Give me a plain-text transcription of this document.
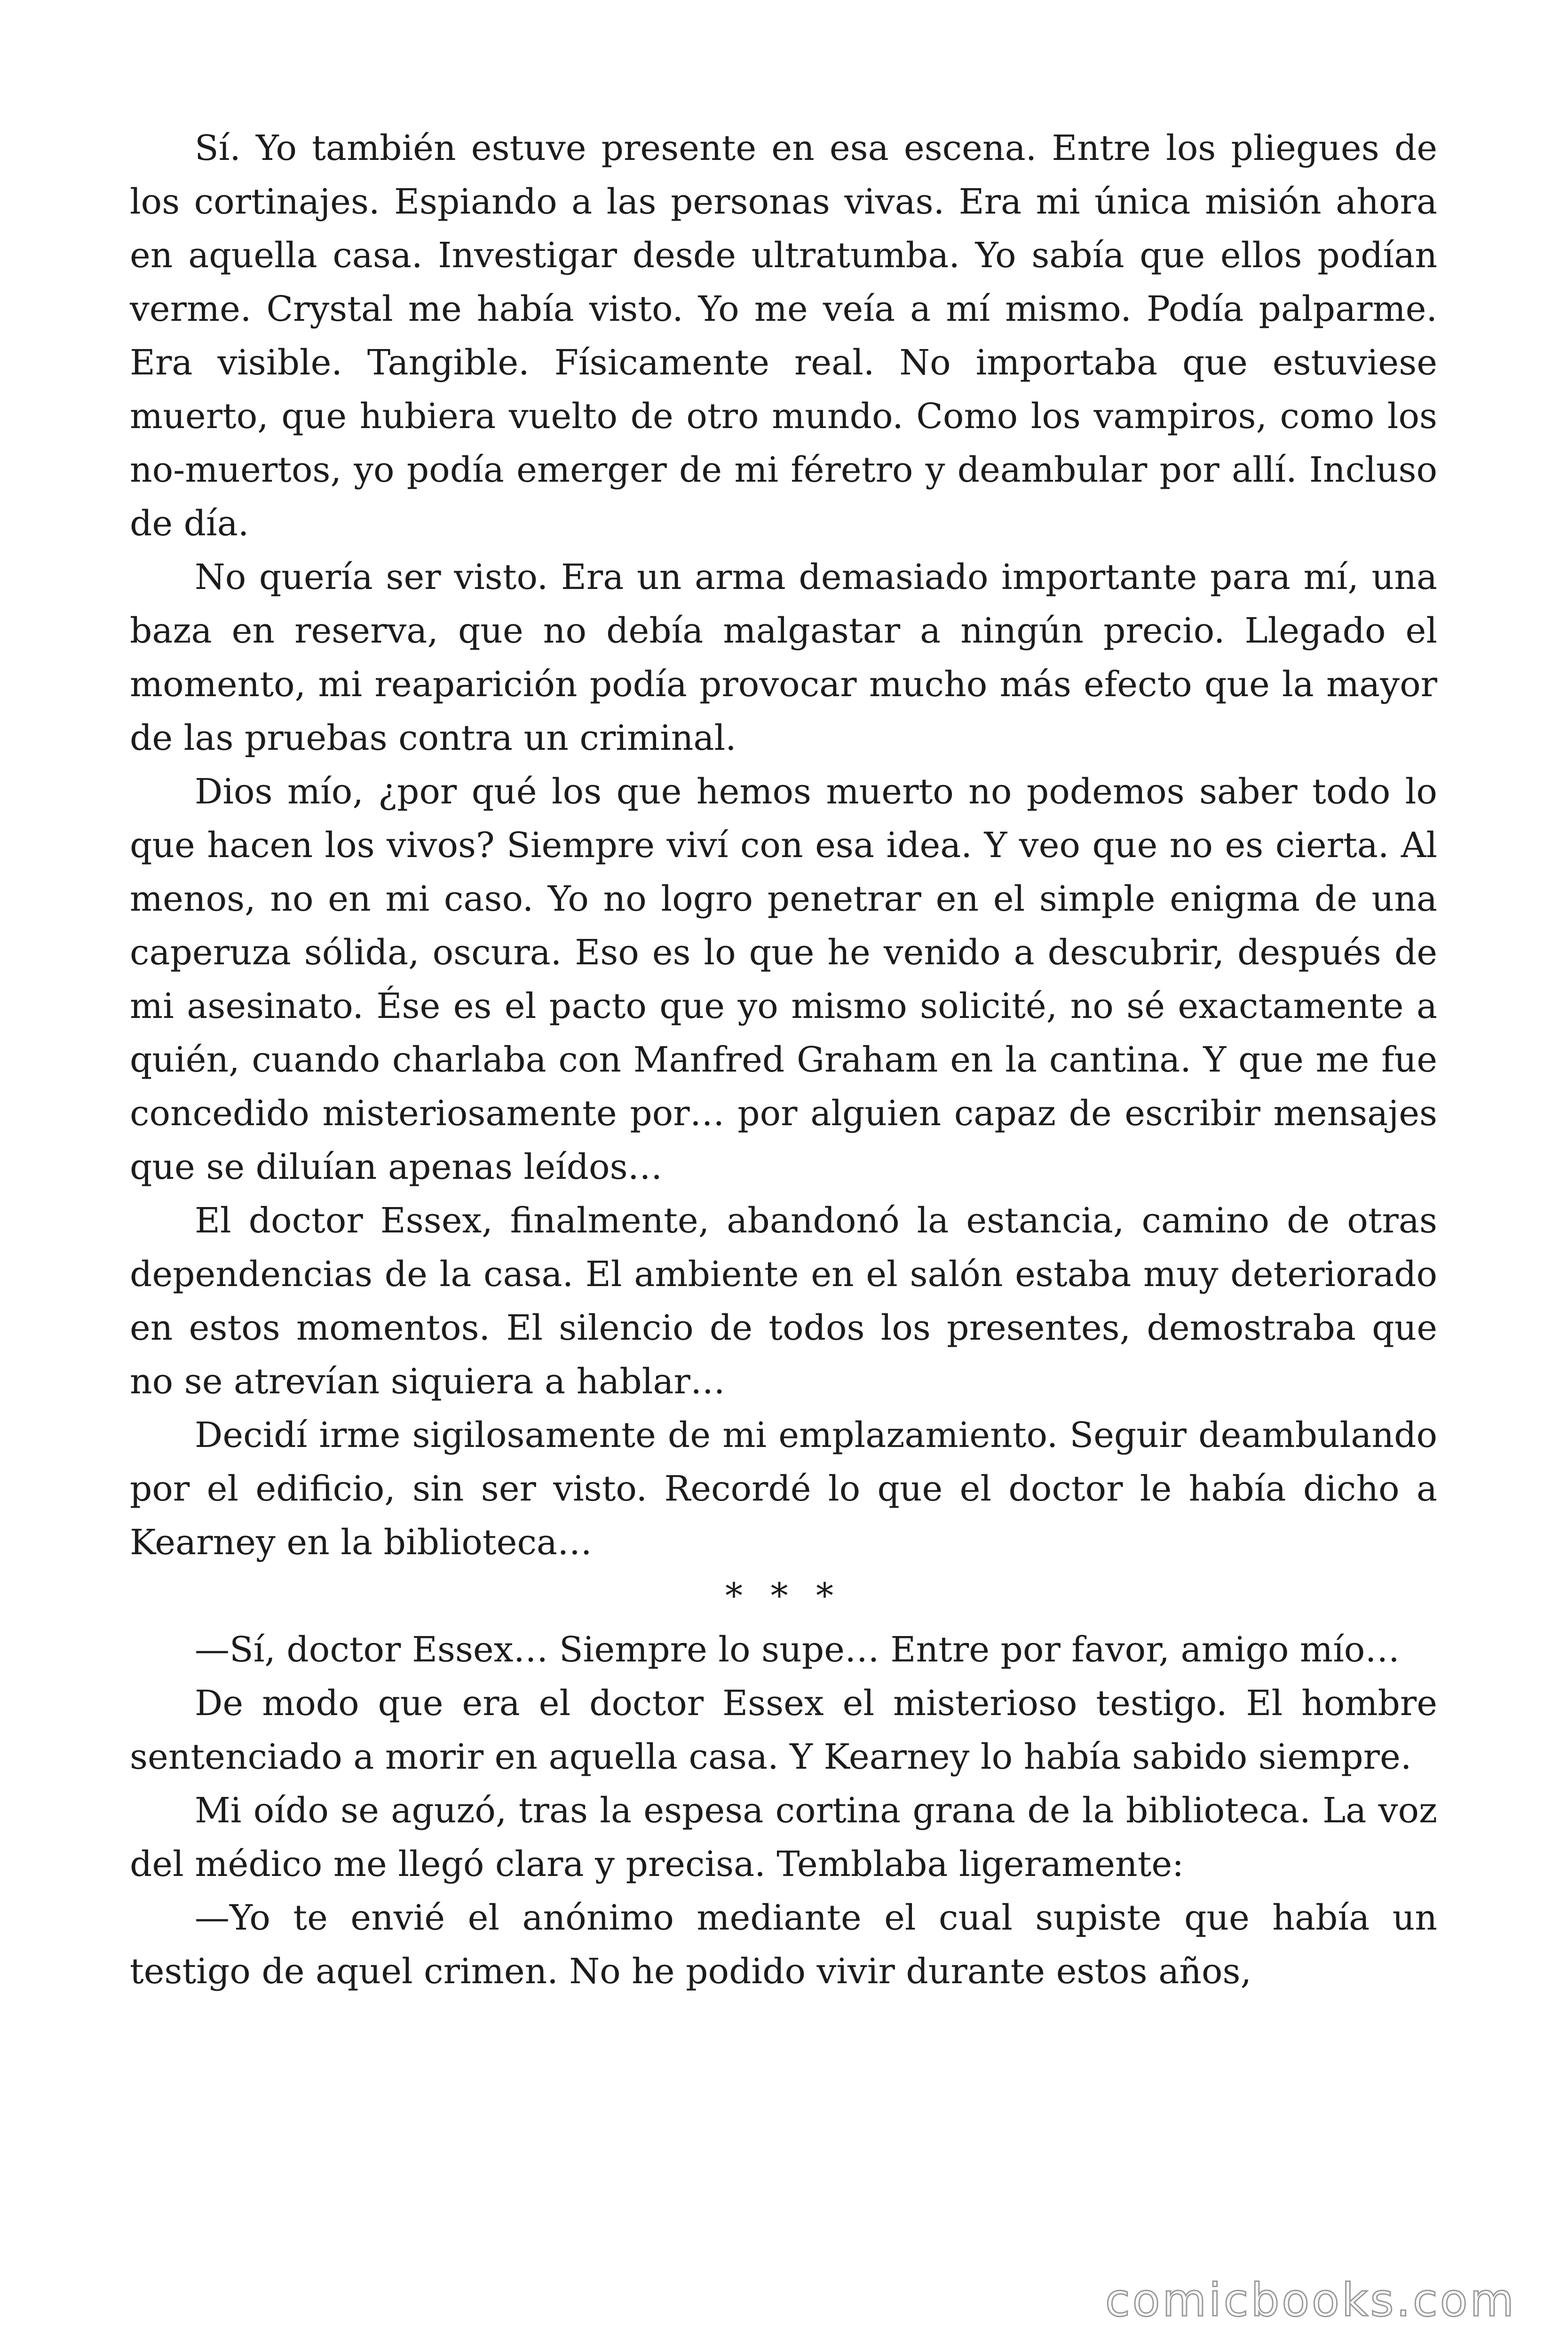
Sí. Yo también estuve presente en esa escena. Entre los pliegues de los cortinajes. Espiando a las personas vivas. Era mi única misión ahora en aquella casa. Investigar desde ultratumba. Yo sabía que ellos podían verme. Crystal me había visto. Yo me veía a mí mismo. Podía palparme. Era visible. Tangible. Físicamente real. No importaba que estuviese muerto, que hubiera vuelto de otro mundo. Como los vampiros, como los no-muertos, yo podía emerger de mi féretro y deambular por allí. Incluso de día.

No quería ser visto. Era un arma demasiado importante para mí, una baza en reserva, que no debía malgastar a ningún precio. Llegado el momento, mi reaparición podía provocar mucho más efecto que la mayor de las pruebas contra un criminal.

Dios mío, ¿por qué los que hemos muerto no podemos saber todo lo que hacen los vivos? Siempre viví con esa idea. Y veo que no es cierta. Al menos, no en mi caso. Yo no logro penetrar en el simple enigma de una caperuza sólida, oscura. Eso es lo que he venido a descubrir, después de mi asesinato. Ése es el pacto que yo mismo solicité, no sé exactamente a quién, cuando charlaba con Manfred Graham en la cantina. Y que me fue concedido misteriosamente por… por alguien capaz de escribir mensajes que se diluían apenas leídos…

El doctor Essex, finalmente, abandonó la estancia, camino de otras dependencias de la casa. El ambiente en el salón estaba muy deteriorado en estos momentos. El silencio de todos los presentes, demostraba que no se atrevían siquiera a hablar…

Decidí irme sigilosamente de mi emplazamiento. Seguir deambulando por el edificio, sin ser visto. Recordé lo que el doctor le había dicho a Kearney en la biblioteca…

* * *

—Sí, doctor Essex… Siempre lo supe… Entre por favor, amigo mío…

De modo que era el doctor Essex el misterioso testigo. El hombre sentenciado a morir en aquella casa. Y Kearney lo había sabido siempre.

Mi oído se aguzó, tras la espesa cortina grana de la biblioteca. La voz del médico me llegó clara y precisa. Temblaba ligeramente:

—Yo te envié el anónimo mediante el cual supiste que había un testigo de aquel crimen. No he podido vivir durante estos años,

comicbooks.com
